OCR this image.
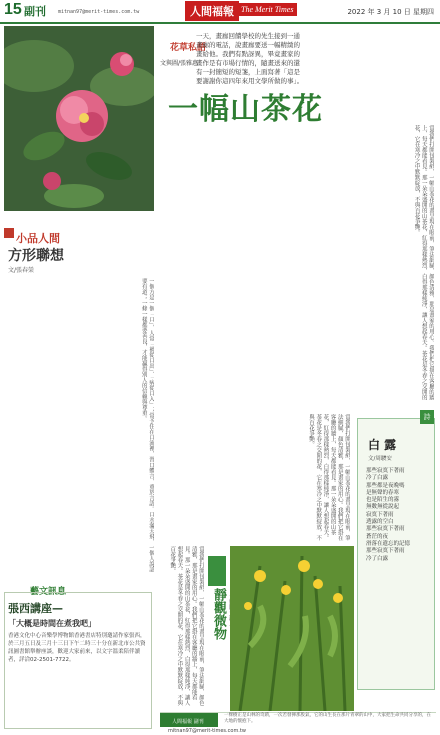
15 副刊 mitnan97@merit-times.com.tw	人間福報 The Merit Times	2022 年 3 月 10 日 星期四
花草私語
文與圖/張雅惠
一天，畫廊回饋學校的先生接到一通畫廊的電話，說畫廊要送一幅精緻的畫給他。我們有點訝異，畢竟畫家的畫作是有市場行情的，隨畫送來的還有一封簡短的短箋，上面寫著「這是要謝謝你這四年來用文學所做的事」。
一幅山茶花
當我們打開包裝紙，一幅山茶花的畫呈現在眼前，筆法細膩，顏色清雅，那是畫家的用心。我們把它掛在客廳的牆上，每天都能看見。那一朵朵盛開的山茶花，紅得那樣熱烈，白得那樣純淨，讓人想起春天。茶花是冬春之交開的花，它在寒冷之中默默綻放，不與百花爭艷。
小品人間
方形聯想
文/張春榮
一個方是一個「口」，人常「禍從口出」、「病從口入」；常予住在口流裡，習口體言，重於言語。口水滿天飛，一個人說話要有道；一條一樣都要善良，才能贏得別人的信賴與尊重。
當我們打開包裝紙，一幅山茶花的畫呈現在眼前，筆法細膩，顏色清雅，那是畫家的用心。我們把它掛在客廳的牆上，每天都能看見。那一朵朵盛開的山茶花，紅得那樣熱烈，白得那樣純淨，讓人想起春天。茶花是冬春之交開的花，它在寒冷之中默默綻放，不與百花爭艷。
藝文訊息
張西講座—
「大概是時間在煮我吧」
香港文化中心音樂學博物館香港書店特別邀請作家張西，於三月五日及三月十三日下午二時三十分在新北市公共資訊圖書館舉辦座談，歡迎大家前來，以文字溫柔陪伴讀者，詳洽02-2501-7722。
詩
白 露
文/周駿安
那些寂寞下著雨
冷了白露
那些都是夜晚嗎
是無聲的春寒
也是陌生的霧
無數無從說起
寂寞下著雨
透露的空白
那些寂寞下著雨
蒼茫的夜
滑落在遺忘的記憶
那些寂寞下著雨
冷了白露
靜觀微物
當我們打開包裝紙，一幅山茶花的畫呈現在眼前，筆法細膩，顏色清雅，那是畫家的用心。我們把它掛在客廳的牆上，每天都能看見。那一朵朵盛開的山茶花，紅得那樣熱烈，白得那樣純淨，讓人想起春天。茶花是冬春之交開的花，它在寒冷之中默默綻放，不與百花爭艷。
人間福報 副刊
一棵樹正是山林的奇蹟，一次若發揮那股氣，它的山生長在那片青翠的山中，大家把生命共同分享的，在大地的懷抱下。
mitnan97@merit-times.com.tw
